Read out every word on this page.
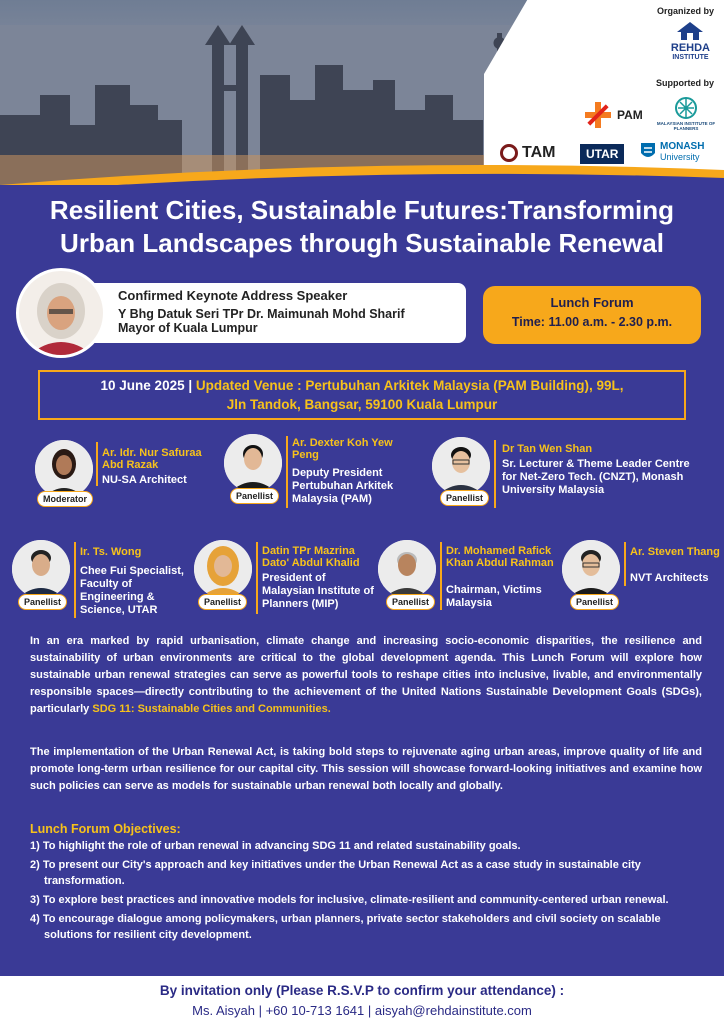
Organized by
REHDA
INSTITUTE
Supported by
PAM
MALAYSIAN INSTITUTE OF PLANNERS
TAM	UTAR
MONASH
University
Resilient Cities, Sustainable Futures:Transforming
Urban Landscapes through Sustainable Renewal
Confirmed Keynote Address Speaker
Y Bhg Datuk Seri TPr Dr. Maimunah Mohd Sharif
Mayor of Kuala Lumpur
Lunch Forum
Time: 11.00 a.m. - 2.30 p.m.
10 June 2025 | Updated Venue : Pertubuhan Arkitek Malaysia (PAM Building), 99L,
Jln Tandok, Bangsar, 59100 Kuala Lumpur
Moderator
Ar. Idr. Nur Safuraa Abd Razak
NU-SA Architect
Panellist
Ar. Dexter Koh Yew Peng
Deputy President Pertubuhan Arkitek Malaysia (PAM)	Panellist
Dr Tan Wen Shan
Sr. Lecturer & Theme Leader Centre for Net-Zero Tech. (CNZT), Monash University Malaysia
Panellist
Ir. Ts. Wong
Chee Fui Specialist, Faculty of Engineering & Science, UTAR
Panellist
Datin TPr Mazrina Dato' Abdul Khalid
President of Malaysian Institute of Planners (MIP)	Panellist
Dr. Mohamed Rafick Khan Abdul Rahman
Chairman, Victims Malaysia	Panellist
Ar. Steven Thang
NVT Architects
In an era marked by rapid urbanisation, climate change and increasing socio-economic disparities, the resilience and sustainability of urban environments are critical to the global development agenda. This Lunch Forum will explore how sustainable urban renewal strategies can serve as powerful tools to reshape cities into inclusive, livable, and environmentally responsible spaces—directly contributing to the achievement of the United Nations Sustainable Development Goals (SDGs), particularly SDG 11: Sustainable Cities and Communities.
The implementation of the Urban Renewal Act, is taking bold steps to rejuvenate aging urban areas, improve quality of life and promote long-term urban resilience for our capital city. This session will showcase forward-looking initiatives and examine how such policies can serve as models for sustainable urban renewal both locally and globally.
Lunch Forum Objectives:
1) To highlight the role of urban renewal in advancing SDG 11 and related sustainability goals.
2) To present our City's approach and key initiatives under the Urban Renewal Act as a case study in sustainable city transformation.
3) To explore best practices and innovative models for inclusive, climate-resilient and community-centered urban renewal.
4) To encourage dialogue among policymakers, urban planners, private sector stakeholders and civil society on scalable solutions for resilient city development.
By invitation only (Please R.S.V.P to confirm your attendance) :
Ms. Aisyah | +60 10-713 1641 | aisyah@rehdainstitute.com
